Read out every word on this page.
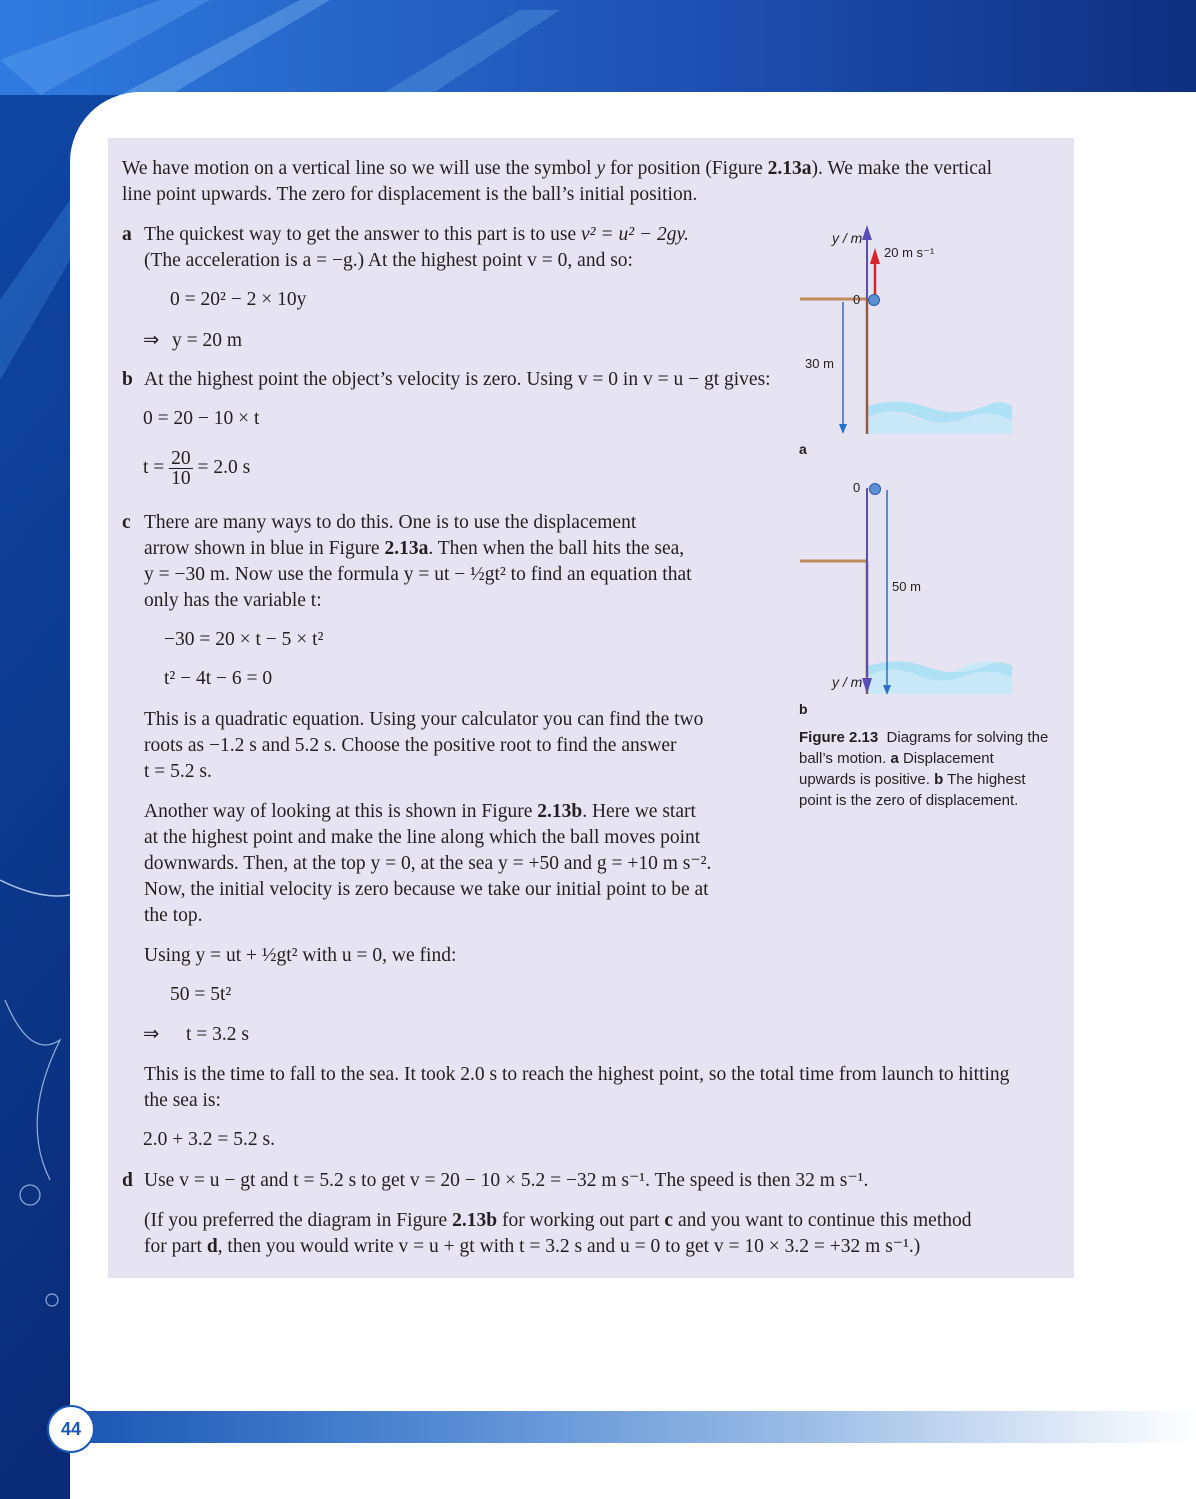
We have motion on a vertical line so we will use the symbol y for position (Figure 2.13a). We make the vertical
line point upwards. The zero for displacement is the ball’s initial position.
a The quickest way to get the answer to this part is to use v² = u² − 2gy.
(The acceleration is a = −g.) At the highest point v = 0, and so:
0 = 20² − 2 × 10y
⇒ y = 20 m
b At the highest point the object’s velocity is zero. Using v = 0 in v = u − gt gives:
0 = 20 − 10 × t
$t = \frac{20}{10} = 2.0$ s
c There are many ways to do this. One is to use the displacement
arrow shown in blue in Figure 2.13a. Then when the ball hits the sea,
y = −30 m. Now use the formula y = ut − ½gt² to find an equation that
only has the variable t:
−30 = 20 × t − 5 × t²
t² − 4t − 6 = 0
This is a quadratic equation. Using your calculator you can find the two
roots as −1.2 s and 5.2 s. Choose the positive root to find the answer
t = 5.2 s.
Another way of looking at this is shown in Figure 2.13b. Here we start
at the highest point and make the line along which the ball moves point
downwards. Then, at the top y = 0, at the sea y = +50 and g = +10 m s⁻².
Now, the initial velocity is zero because we take our initial point to be at
the top.
Using y = ut + ½gt² with u = 0, we find:
50 = 5t²
⇒ t = 3.2 s
This is the time to fall to the sea. It took 2.0 s to reach the highest point, so the total time from launch to hitting
the sea is:
2.0 + 3.2 = 5.2 s.
d Use v = u − gt and t = 5.2 s to get v = 20 − 10 × 5.2 = −32 m s⁻¹. The speed is then 32 m s⁻¹.
(If you preferred the diagram in Figure 2.13b for working out part c and you want to continue this method
for part d, then you would write v = u + gt with t = 3.2 s and u = 0 to get v = 10 × 3.2 = +32 m s⁻¹.)
y / m
20 m s⁻¹
0
30 m
a
0
50 m
y / m
b
Figure 2.13 Diagrams for solving the ball’s motion. a Displacement upwards is positive. b The highest point is the zero of displacement.
44
